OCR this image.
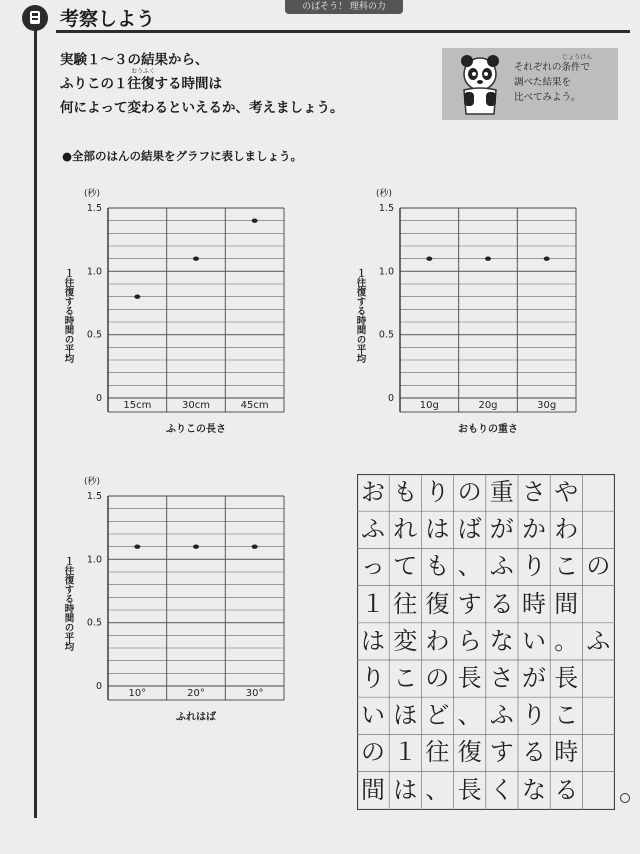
のばそう！ 理科の力
考察しよう
実験１～３の結果から、
ふりこの１往復する時間は
何によって変わるといえるか、考えましょう。
おうふく
じょうけん
それぞれの条件で
調べた結果を
比べてみよう。
●全部のはんの結果をグラフに表しましょう。
(秒)
0
0.5
1.0
1.5
15cm	30cm	45cm
ふりこの長さ
１往復する時間の平均
(秒)
0
0.5
1.0
1.5
10g	20g	30g
おもりの重さ
１往復する時間の平均
(秒)
0
0.5
1.0
1.5
10°	20°	30°
ふれはば
１往復する時間の平均
お も り の 重 さ や
ふ れ は ば が か わ
っ て も 、 ふ り こ の
１ 往 復 す る 時 間
は 変 わ ら な い 。 ふ
り こ の 長 さ が 長
い ほ ど 、 ふ り こ
の １ 往 復 す る 時
間 は 、 長 く な る
